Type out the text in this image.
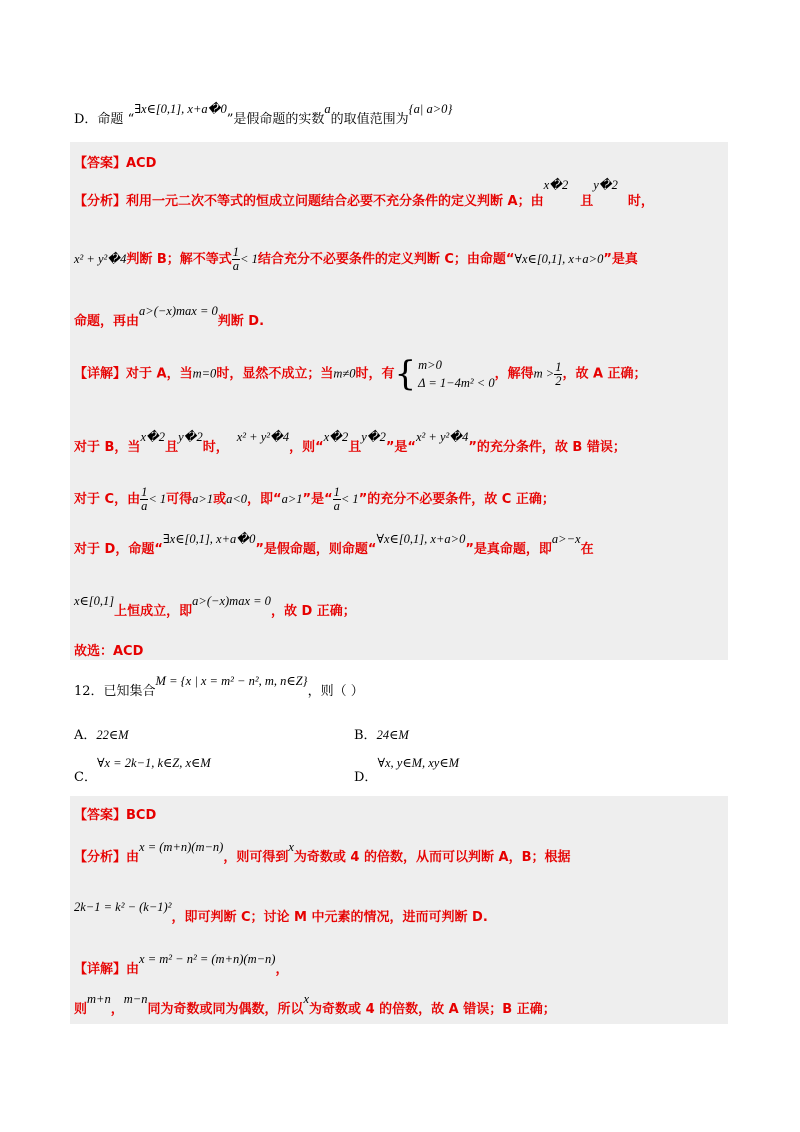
D．命题 “∃x∈[0,1], x+a�0”是假命题的实数a的取值范围为{a| a>0}
【答案】ACD
【分析】利用一元二次不等式的恒成立问题结合必要不充分条件的定义判断 A；由x�2且y�2时，
x² + y²�4判断 B；解不等式 $\frac{1}{a} < 1$结合充分不必要条件的定义判断 C；由命题“∀x∈[0,1], x+a>0”是真
命题，再由a>(−x)max = 0判断 D.
【详解】对于 A，当m=0时，显然不成立；当m≠0时，有 { m>0
Δ = 1−4m² < 0
，解得$m > \frac{1}{2}$ ，故 A 正确；
对于 B，当x�2且y�2时，x² + y²�4，则“x�2且y�2”是“x² + y²�4”的充分条件，故 B 错误；
对于 C，由 $\frac{1}{a} < 1$可得a>1或a<0，即“a>1”是“ $\frac{1}{a} < 1$”的充分不必要条件，故 C 正确；
对于 D，命题“∃x∈[0,1], x+a�0”是假命题，则命题“∀x∈[0,1], x+a>0”是真命题，即a>−x在
x∈[0,1]上恒成立，即a>(−x)max = 0，故 D 正确；
故选：ACD
12．已知集合M = {x | x = m² − n², m, n∈Z}，则（ ）
A．22∈M	B．24∈M
C．∀x = 2k−1, k∈Z, x∈M
D．∀x, y∈M, xy∈M
【答案】BCD
【分析】由x = (m+n)(m−n)，则可得到x为奇数或 4 的倍数，从而可以判断 A，B；根据
2k−1 = k² − (k−1)²，即可判断 C；讨论 M 中元素的情况，进而可判断 D.
【详解】由x = m² − n² = (m+n)(m−n)，
则m+n，m−n同为奇数或同为偶数，所以x为奇数或 4 的倍数，故 A 错误；B 正确；
